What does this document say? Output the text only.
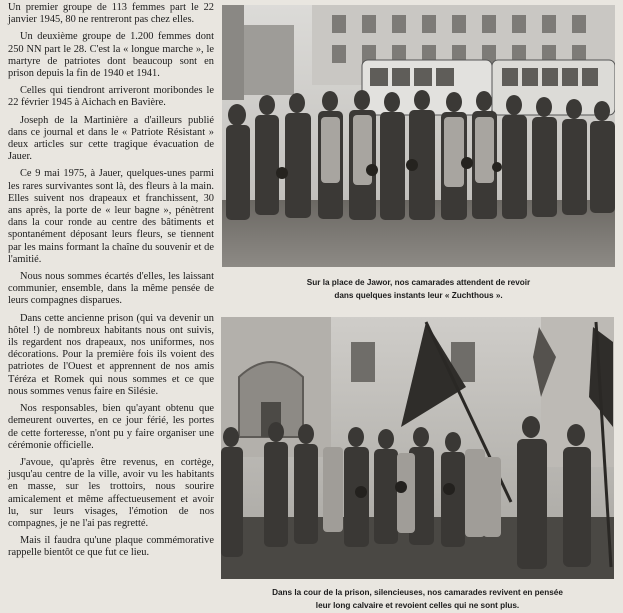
Un premier groupe de 113 femmes part le 22 janvier 1945, 80 ne rentreront pas chez elles.

Un deuxième groupe de 1.200 femmes dont 250 NN part le 28. C'est la « longue marche », le martyre de patriotes dont beaucoup sont en prison depuis la fin de 1940 et 1941.

Celles qui tiendront arriveront moribondes le 22 février 1945 à Aichach en Bavière.

Joseph de la Martinière a d'ailleurs publié dans ce journal et dans le « Patriote Résistant » deux articles sur cette tragique évacuation de Jauer.

Ce 9 mai 1975, à Jauer, quelques-unes parmi les rares survivantes sont là, des fleurs à la main. Elles suivent nos drapeaux et franchissent, 30 ans après, la porte de « leur bagne », pénètrent dans la cour ronde au centre des bâtiments et spontanément déposant leurs fleurs, se tiennent par les mains formant la chaîne du souvenir et de l'amitié.

Nous nous sommes écartés d'elles, les laissant communier, ensemble, dans la même pensée de leurs compagnes disparues.

Dans cette ancienne prison (qui va devenir un hôtel !) de nombreux habitants nous ont suivis, ils regardent nos drapeaux, nos uniformes, nos décorations. Pour la première fois ils voient des patriotes de l'Ouest et apprennent de nos amis Téréza et Romek qui nous sommes et ce que nous sommes venus faire en Silésie.

Nos responsables, bien qu'ayant obtenu que demeurent ouvertes, en ce jour férié, les portes de cette forteresse, n'ont pu y faire organiser une cérémonie officielle.

J'avoue, qu'après être revenus, en cortège, jusqu'au centre de la ville, avoir vu les habitants en masse, sur les trottoirs, nous sourire amicalement et même affectueusement et avoir lu, sur leurs visages, l'émotion de nos compagnes, je ne l'ai pas regretté.

Mais il faudra qu'une plaque commémorative rappelle bientôt ce que fut ce lieu.

Sur la place de Jawor, nos camarades attendent de revoir
dans quelques instants leur « Zuchthous ».
Dans la cour de la prison, silencieuses, nos camarades revivent en pensée
leur long calvaire et revoient celles qui ne sont plus.
